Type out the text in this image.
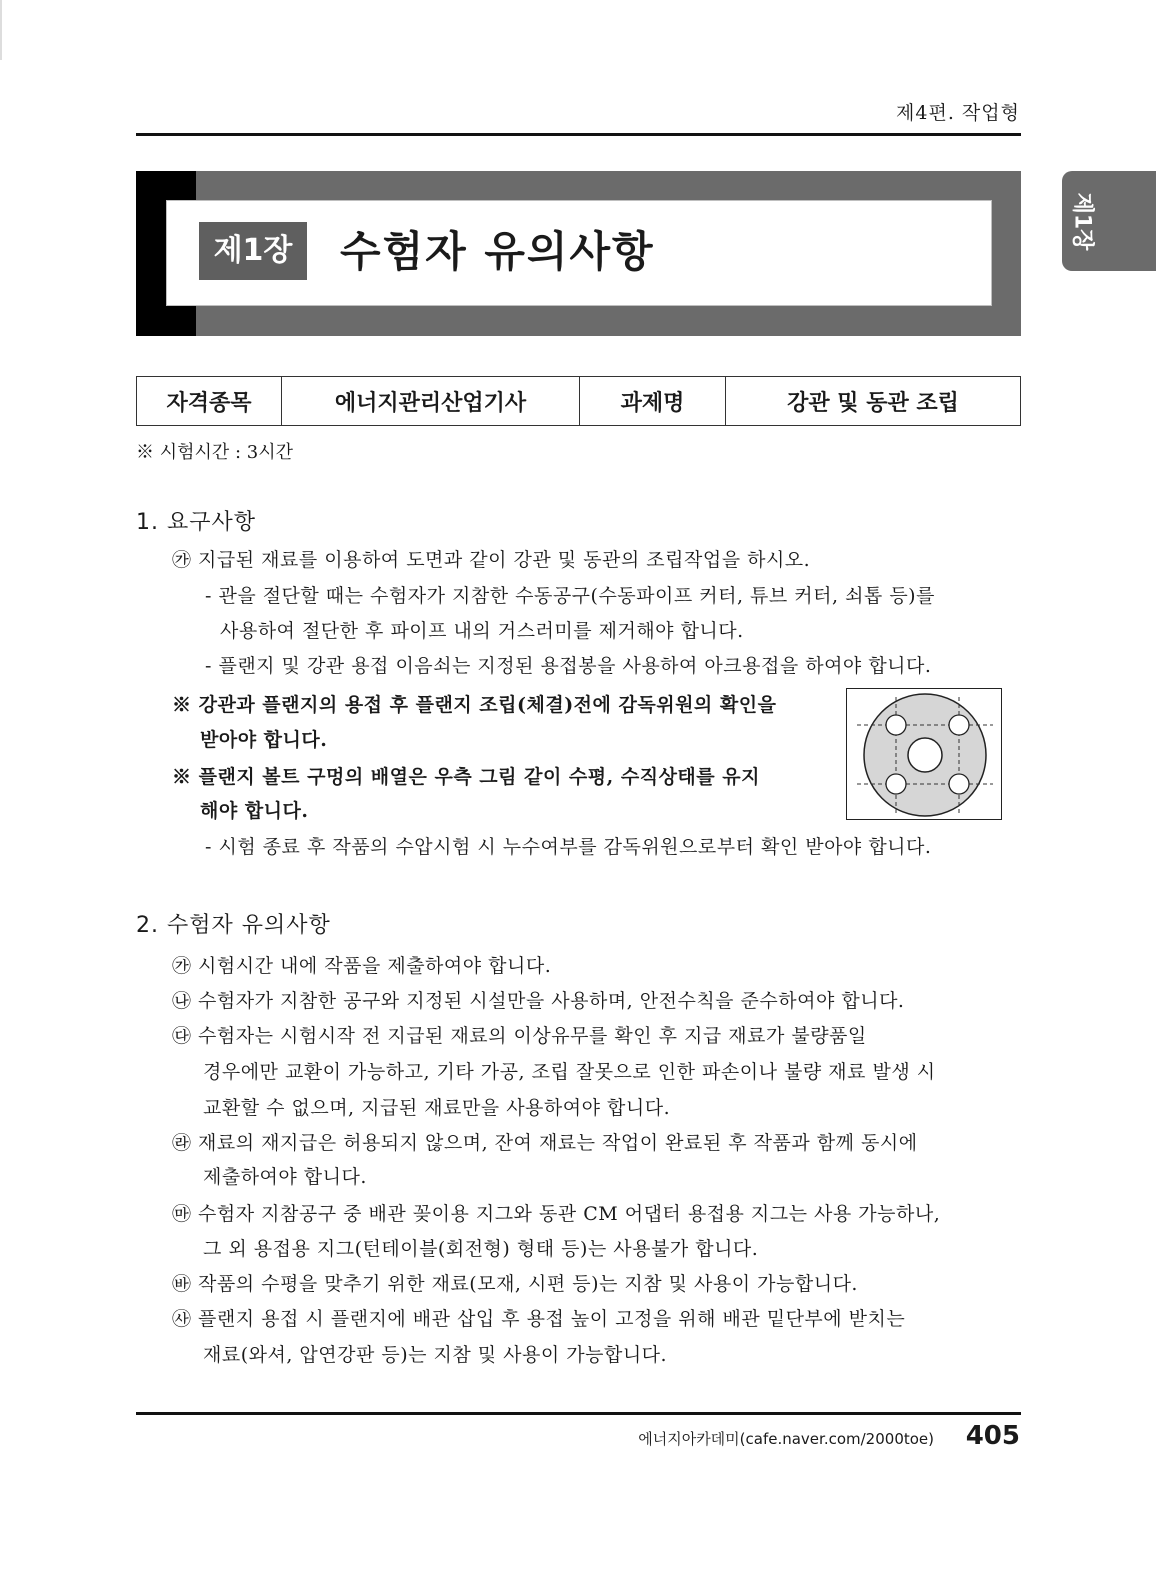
제4편. 작업형
제1장	수험자 유의사항
제1장
자격종목	에너지관리산업기사	과제명	강관 및 동관 조립
※ 시험시간 : 3시간
1. 요구사항
㉮ 지급된 재료를 이용하여 도면과 같이 강관 및 동관의 조립작업을 하시오.
- 관을 절단할 때는 수험자가 지참한 수동공구(수동파이프 커터, 튜브 커터, 쇠톱 등)를
사용하여 절단한 후 파이프 내의 거스러미를 제거해야 합니다.
- 플랜지 및 강관 용접 이음쇠는 지정된 용접봉을 사용하여 아크용접을 하여야 합니다.
※ 강관과 플랜지의 용접 후 플랜지 조립(체결)전에 감독위원의 확인을
받아야 합니다.
※ 플랜지 볼트 구멍의 배열은 우측 그림 같이 수평, 수직상태를 유지
해야 합니다.
- 시험 종료 후 작품의 수압시험 시 누수여부를 감독위원으로부터 확인 받아야 합니다.
2. 수험자 유의사항
㉮ 시험시간 내에 작품을 제출하여야 합니다.
㉯ 수험자가 지참한 공구와 지정된 시설만을 사용하며, 안전수칙을 준수하여야 합니다.
㉰ 수험자는 시험시작 전 지급된 재료의 이상유무를 확인 후 지급 재료가 불량품일
경우에만 교환이 가능하고, 기타 가공, 조립 잘못으로 인한 파손이나 불량 재료 발생 시
교환할 수 없으며, 지급된 재료만을 사용하여야 합니다.
㉱ 재료의 재지급은 허용되지 않으며, 잔여 재료는 작업이 완료된 후 작품과 함께 동시에
제출하여야 합니다.
㉲ 수험자 지참공구 중 배관 꽂이용 지그와 동관 CM 어댑터 용접용 지그는 사용 가능하나,
그 외 용접용 지그(턴테이블(회전형) 형태 등)는 사용불가 합니다.
㉳ 작품의 수평을 맞추기 위한 재료(모재, 시편 등)는 지참 및 사용이 가능합니다.
㉴ 플랜지 용접 시 플랜지에 배관 삽입 후 용접 높이 고정을 위해 배관 밑단부에 받치는
재료(와셔, 압연강판 등)는 지참 및 사용이 가능합니다.
에너지아카데미(cafe.naver.com/2000toe) 405
